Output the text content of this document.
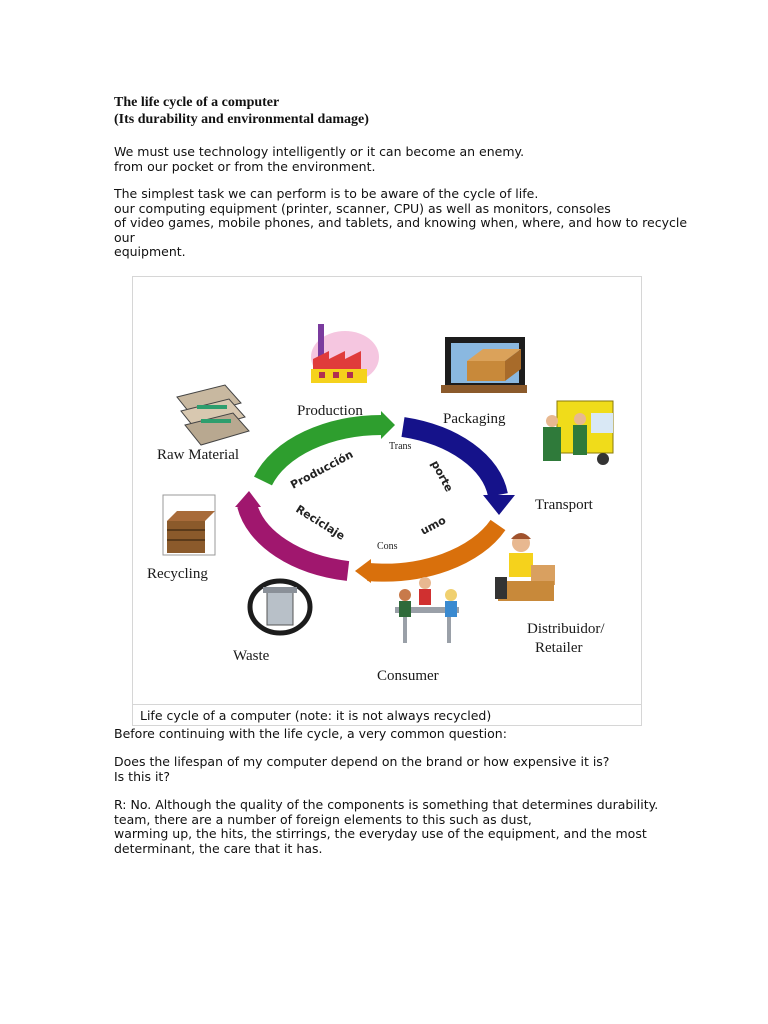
The life cycle of a computer
(Its durability and environmental damage)
We must use technology intelligently or it can become an enemy.
from our pocket or from the environment.
The simplest task we can perform is to be aware of the cycle of life.
our computing equipment (printer, scanner, CPU) as well as monitors, consoles
of video games, mobile phones, and tablets, and knowing when, where, and how to recycle our
equipment.
Producción
Trans
porte
Cons
umo
Reciclaje
Production	Packaging
Transport
Distribuidor/
Retailer
Consumer
Waste
Recycling
Raw Material
Life cycle of a computer (note: it is not always recycled)
Before continuing with the life cycle, a very common question:
Does the lifespan of my computer depend on the brand or how expensive it is?
Is this it?
R: No. Although the quality of the components is something that determines durability.
team, there are a number of foreign elements to this such as dust,
warming up, the hits, the stirrings, the everyday use of the equipment, and the most
determinant, the care that it has.
